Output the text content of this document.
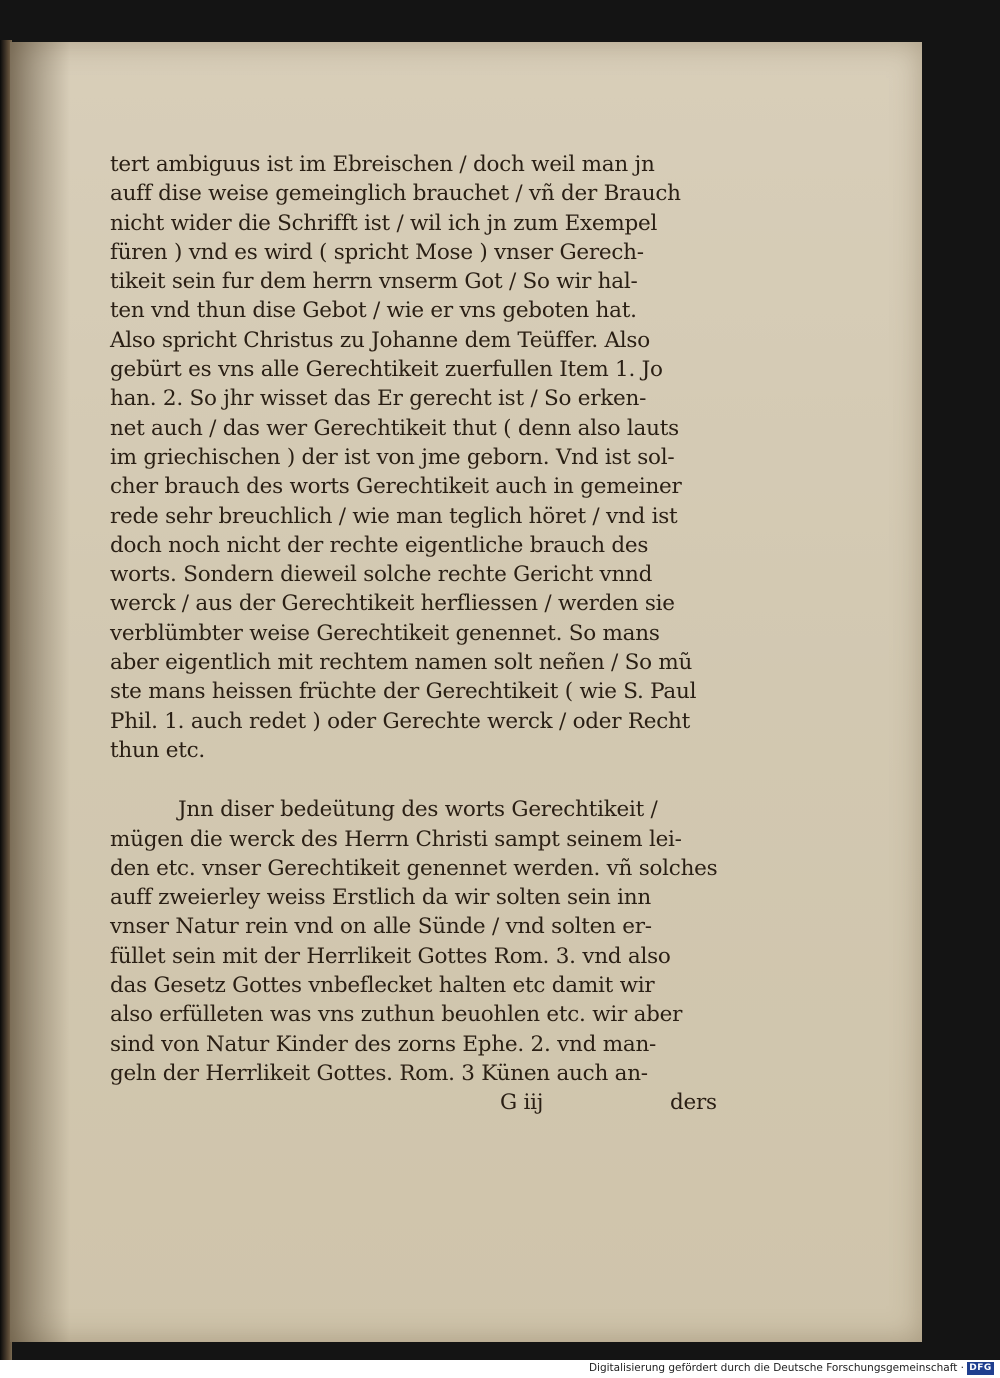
tert ambiguus ist im Ebreischen / doch weil man jn
auff dise weise gemeinglich brauchet / vñ der Brauch
nicht wider die Schrifft ist / wil ich jn zum Exempel
füren ) vnd es wird ( spricht Mose ) vnser Gerech-
tikeit sein fur dem herrn vnserm Got / So wir hal-
ten vnd thun dise Gebot / wie er vns geboten hat.
Also spricht Christus zu Johanne dem Teüffer. Also
gebürt es vns alle Gerechtikeit zuerfullen Item 1. Jo
han. 2. So jhr wisset das Er gerecht ist / So erken-
net auch / das wer Gerechtikeit thut ( denn also lauts
im griechischen ) der ist von jme geborn. Vnd ist sol-
cher brauch des worts Gerechtikeit auch in gemeiner
rede sehr breuchlich / wie man teglich höret / vnd ist
doch noch nicht der rechte eigentliche brauch des
worts. Sondern dieweil solche rechte Gericht vnnd
werck / aus der Gerechtikeit herfliessen / werden sie
verblümbter weise Gerechtikeit genennet. So mans
aber eigentlich mit rechtem namen solt neñen / So mũ
ste mans heissen früchte der Gerechtikeit ( wie S. Paul
Phil. 1. auch redet ) oder Gerechte werck / oder Recht
thun etc.
Jnn diser bedeütung des worts Gerechtikeit /
mügen die werck des Herrn Christi sampt seinem lei-
den etc. vnser Gerechtikeit genennet werden. vñ solches
auff zweierley weiss Erstlich da wir solten sein inn
vnser Natur rein vnd on alle Sünde / vnd solten er-
füllet sein mit der Herrlikeit Gottes Rom. 3. vnd also
das Gesetz Gottes vnbeflecket halten etc damit wir
also erfülleten was vns zuthun beuohlen etc. wir aber
sind von Natur Kinder des zorns Ephe. 2. vnd man-
geln der Herrlikeit Gottes. Rom. 3 Künen auch an-
G iij	ders
Digitalisierung gefördert durch die Deutsche Forschungsgemeinschaft · DFG
